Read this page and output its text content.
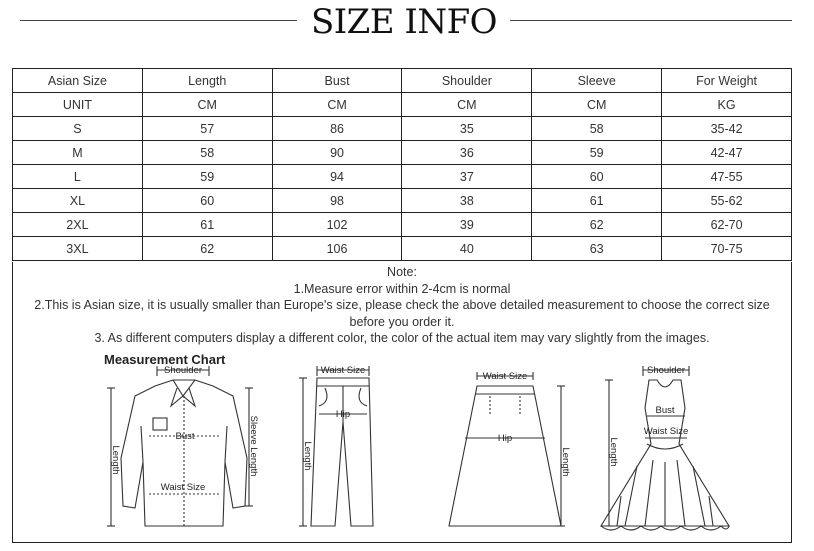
SIZE INFO
Asian Size	Length	Bust	Shoulder	Sleeve	For Weight
UNIT	CM	CM	CM	CM	KG
S	57	86	35	58	35-42
M	58	90	36	59	42-47
L	59	94	37	60	47-55
XL	60	98	38	61	55-62
2XL	61	102	39	62	62-70
3XL	62	106	40	63	70-75
Note:
1.Measure error within 2-4cm is normal
2.This is Asian size, it is usually smaller than Europe's size, please check the above detailed measurement to choose the correct size
before you order it.
3. As different computers display a different color, the color of the actual item may vary slightly from the images.
Measurement Chart
Shoulder
Bust
Waist Size
Length	Sleeve Length
Waist Size
Hip
Length
Waist Size
Hip
Length
Shoulder
Bust
Waist Size
Length
